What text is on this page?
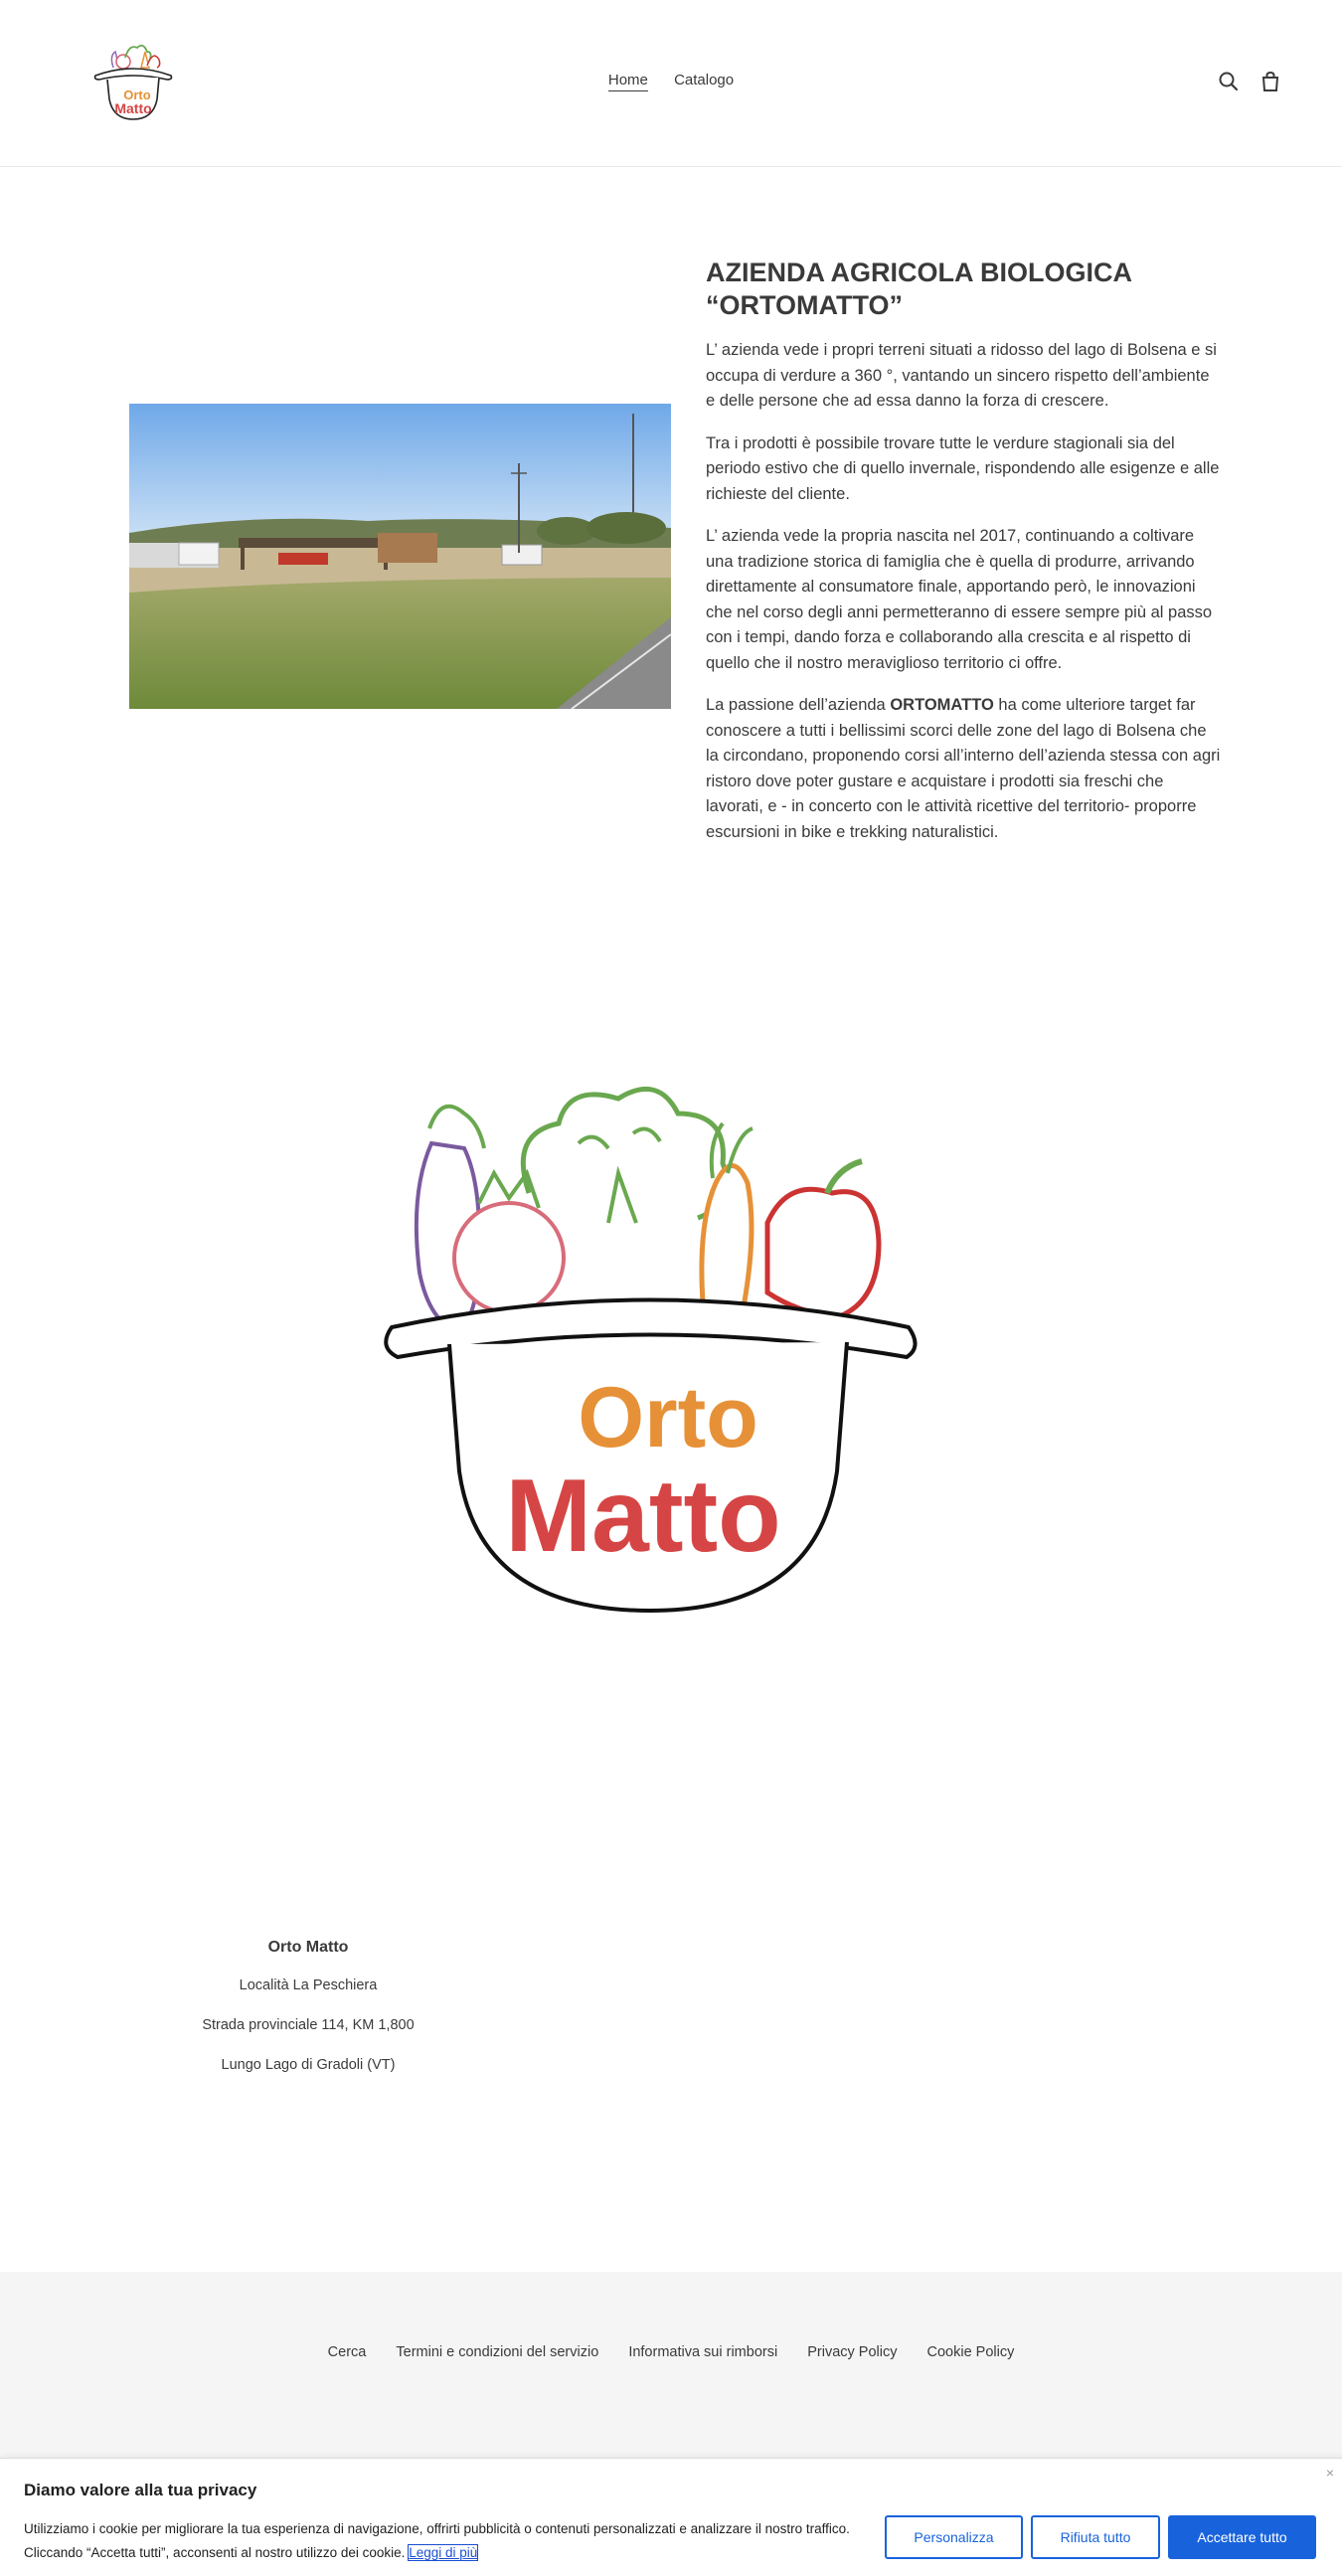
Orto
Matto
Home Catalogo
AZIENDA AGRICOLA BIOLOGICA “ORTOMATTO”

L’ azienda vede i propri terreni situati a ridosso del lago di Bolsena e si occupa di verdure a 360 °, vantando un sincero rispetto dell’ambiente e delle persone che ad essa danno la forza di crescere.

Tra i prodotti è possibile trovare tutte le verdure stagionali sia del periodo estivo che di quello invernale, rispondendo alle esigenze e alle richieste del cliente.

L’ azienda vede la propria nascita nel 2017, continuando a coltivare una tradizione storica di famiglia che è quella di produrre, arrivando direttamente al consumatore finale, apportando però, le innovazioni che nel corso degli anni permetteranno di essere sempre più al passo con i tempi, dando forza e collaborando alla crescita e al rispetto di quello che il nostro meraviglioso territorio ci offre.

La passione dell’azienda ORTOMATTO ha come ulteriore target far conoscere a tutti i bellissimi scorci delle zone del lago di Bolsena che la circondano, proponendo corsi all’interno dell’azienda stessa con agri ristoro dove poter gustare e acquistare i prodotti sia freschi che lavorati, e - in concerto con le attività ricettive del territorio- proporre escursioni in bike e trekking naturalistici.

Orto
Matto
Orto Matto

Località La Peschiera

Strada provinciale 114, KM 1,800

Lungo Lago di Gradoli (VT)

Cerca Termini e condizioni del servizio Informativa sui rimborsi Privacy Policy Cookie Policy
×
Diamo valore alla tua privacy
Utilizziamo i cookie per migliorare la tua esperienza di navigazione, offrirti pubblicità o contenuti personalizzati e analizzare il nostro traffico. Cliccando “Accetta tutti”, acconsenti al nostro utilizzo dei cookie. Leggi di più
Personalizza	Rifiuta tutto	Accettare tutto
